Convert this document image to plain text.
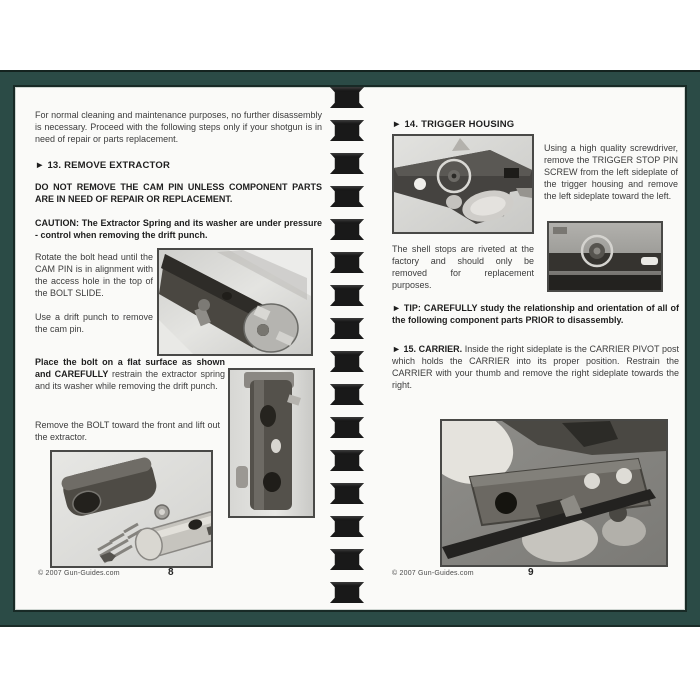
For normal cleaning and maintenance purposes, no further disassembly is necessary. Proceed with the following steps only if your shotgun is in need of repair or parts replacement.
► 13. REMOVE EXTRACTOR
DO NOT REMOVE THE CAM PIN UNLESS COMPONENT PARTS ARE IN NEED OF REPAIR OR REPLACEMENT.
CAUTION: The Extractor Spring and its washer are under pressure - control when removing the drift punch.
Rotate the bolt head until the CAM PIN is in alignment with the access hole in the top of the BOLT SLIDE.
Use a drift punch to remove the cam pin.
Place the bolt on a flat surface as shown and CAREFULLY restrain the extractor spring and its washer while removing the drift punch.
Remove the BOLT toward the front and lift out the extractor.
© 2007 Gun-Guides.com	8
► 14. TRIGGER HOUSING
Using a high quality screwdriver, remove the TRIGGER STOP PIN SCREW from the left sideplate of the trigger housing and remove the left sideplate toward the left.
The shell stops are riveted at the factory and should only be removed for replacement purposes.
► TIP: CAREFULLY study the relationship and orientation of all of the following component parts PRIOR to disassembly.
► 15. CARRIER. Inside the right sideplate is the CARRIER PIVOT post which holds the CARRIER into its proper position. Restrain the CARRIER with your thumb and remove the right sideplate towards the right.
© 2007 Gun-Guides.com	9
